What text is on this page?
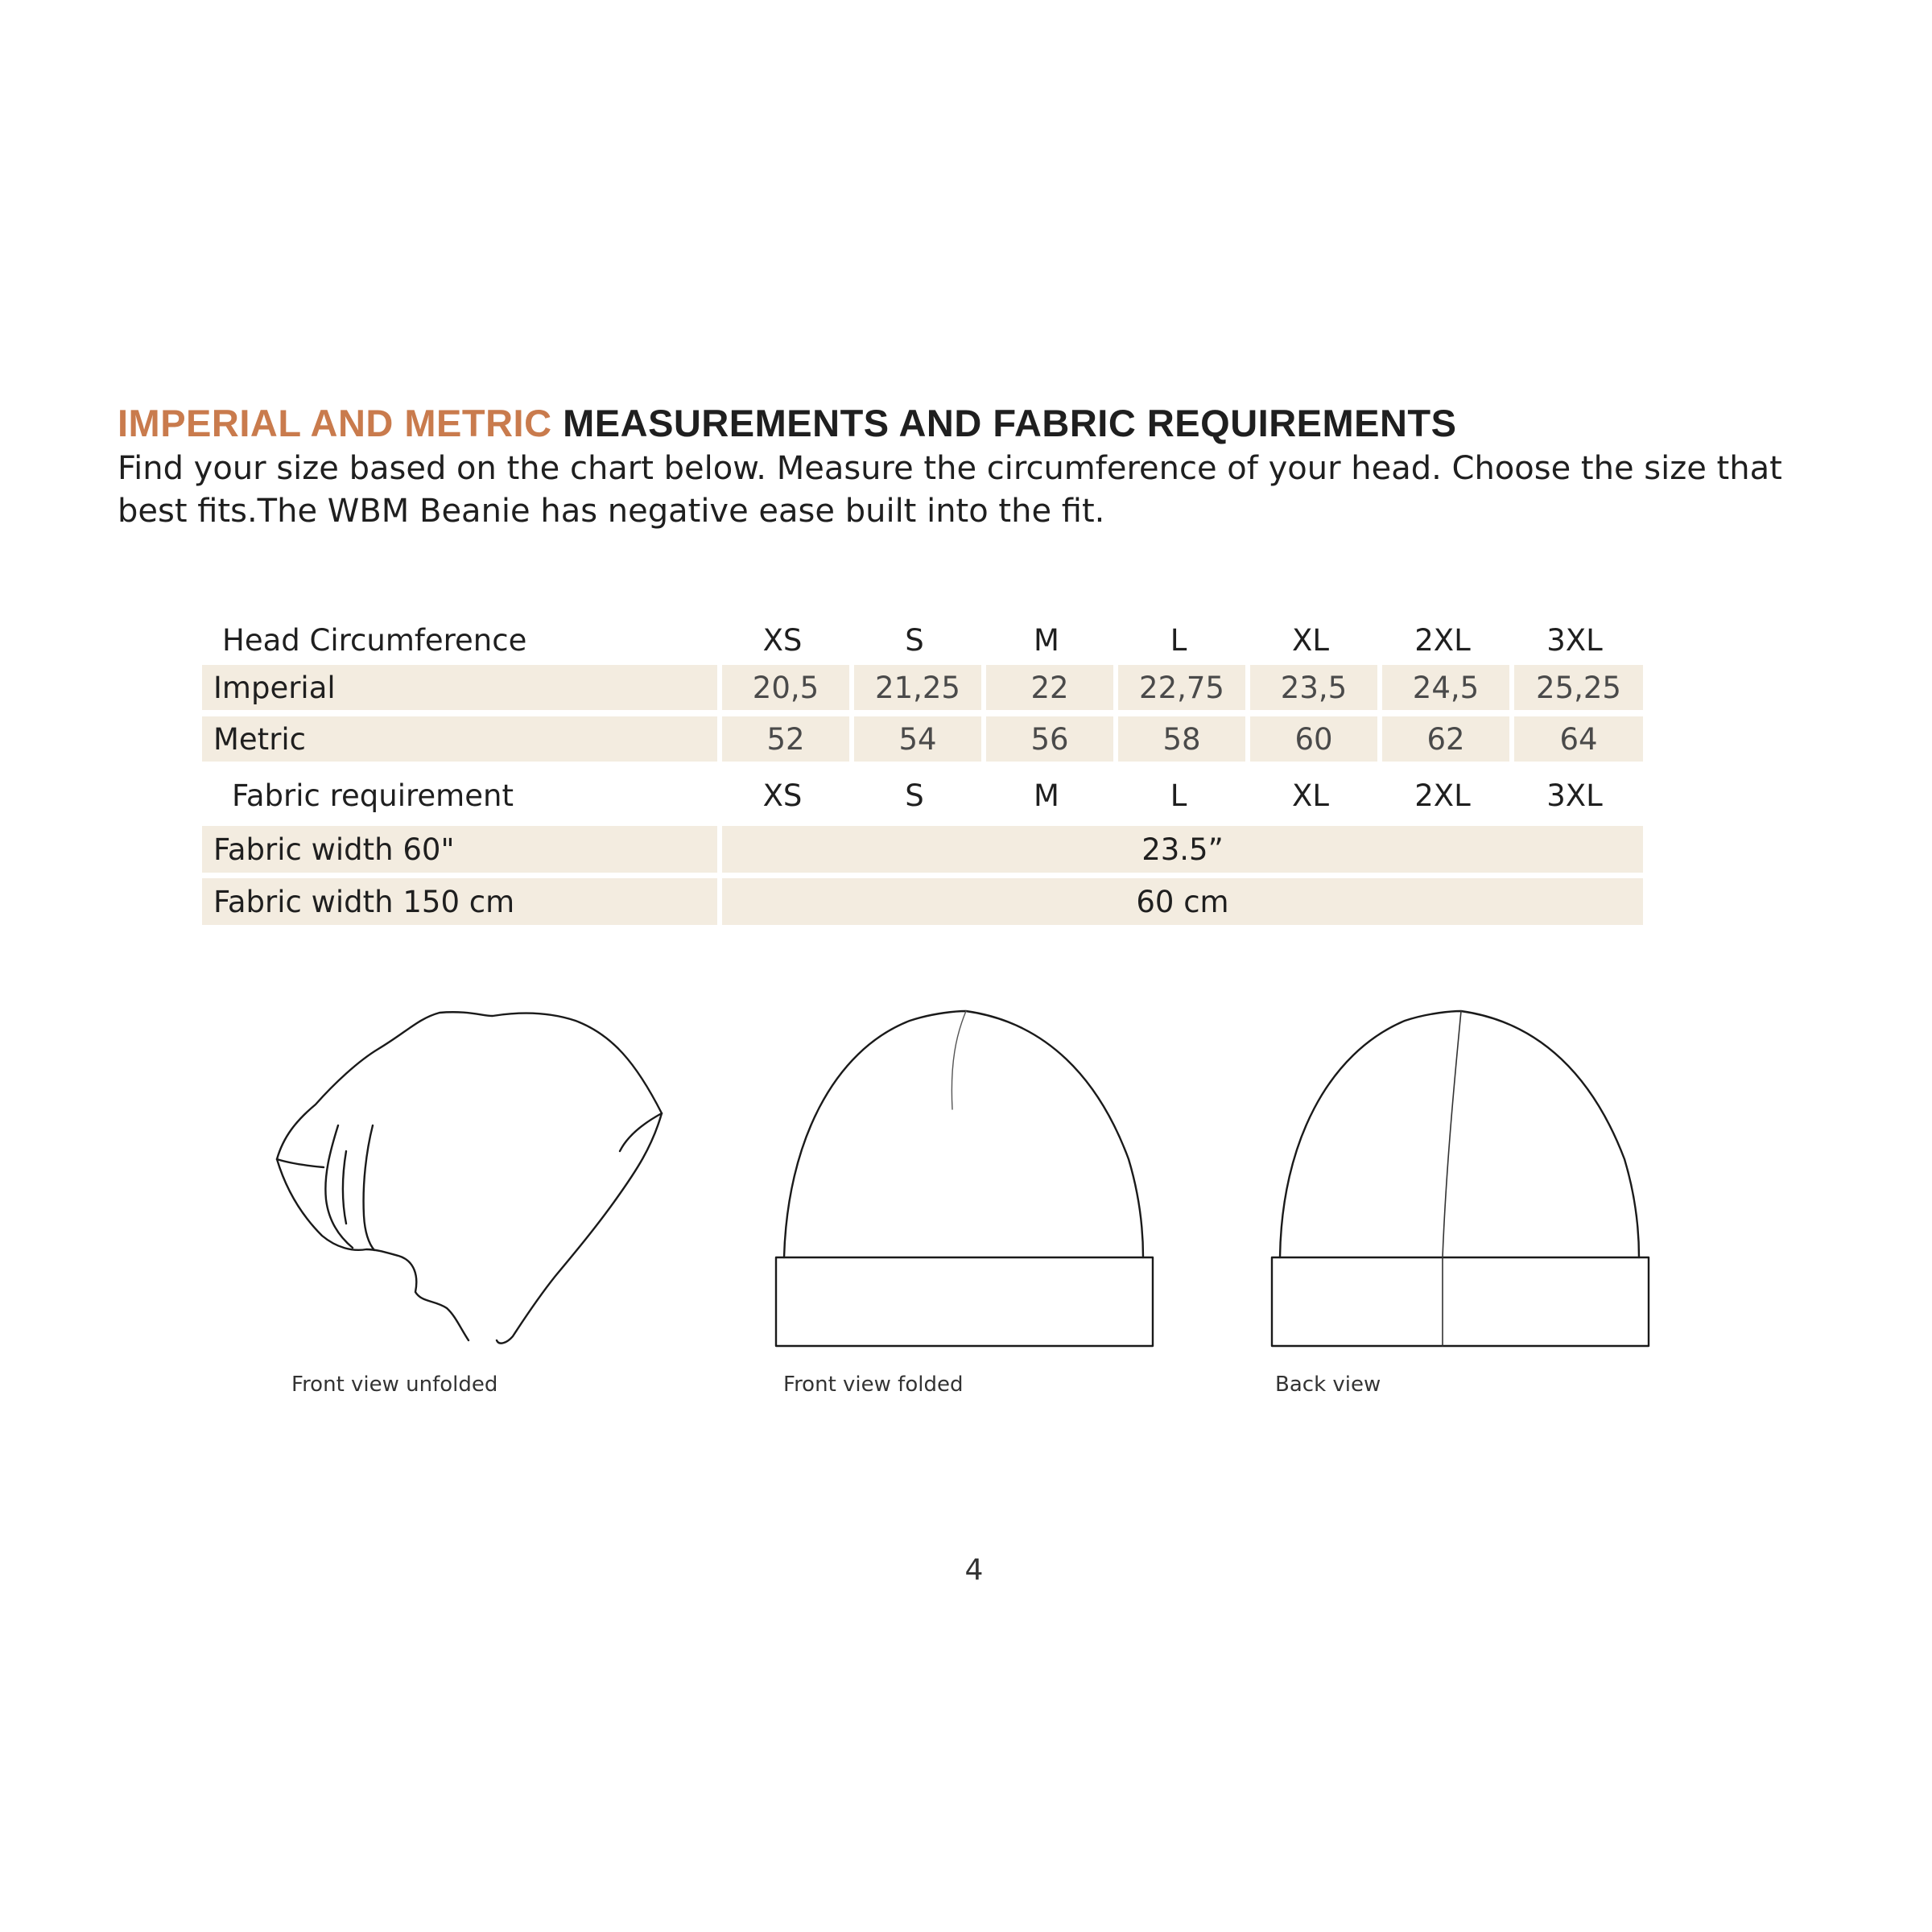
IMPERIAL AND METRIC MEASUREMENTS AND FABRIC REQUIREMENTS

Find your size based on the chart below. Measure the circumference of your head. Choose the size that best fits.The WBM Beanie has negative ease built into the fit.

Head Circumference	XS	S	M	L	XL	2XL	3XL
Imperial	20,5	21,25	22	22,75	23,5	24,5	25,25
Metric	52	54	56	58	60	62	64
Fabric requirement	XS	S	M	L	XL	2XL	3XL
Fabric width 60"	23.5”
Fabric width 150 cm	60 cm
Front view unfolded	Front view folded	Back view
4
